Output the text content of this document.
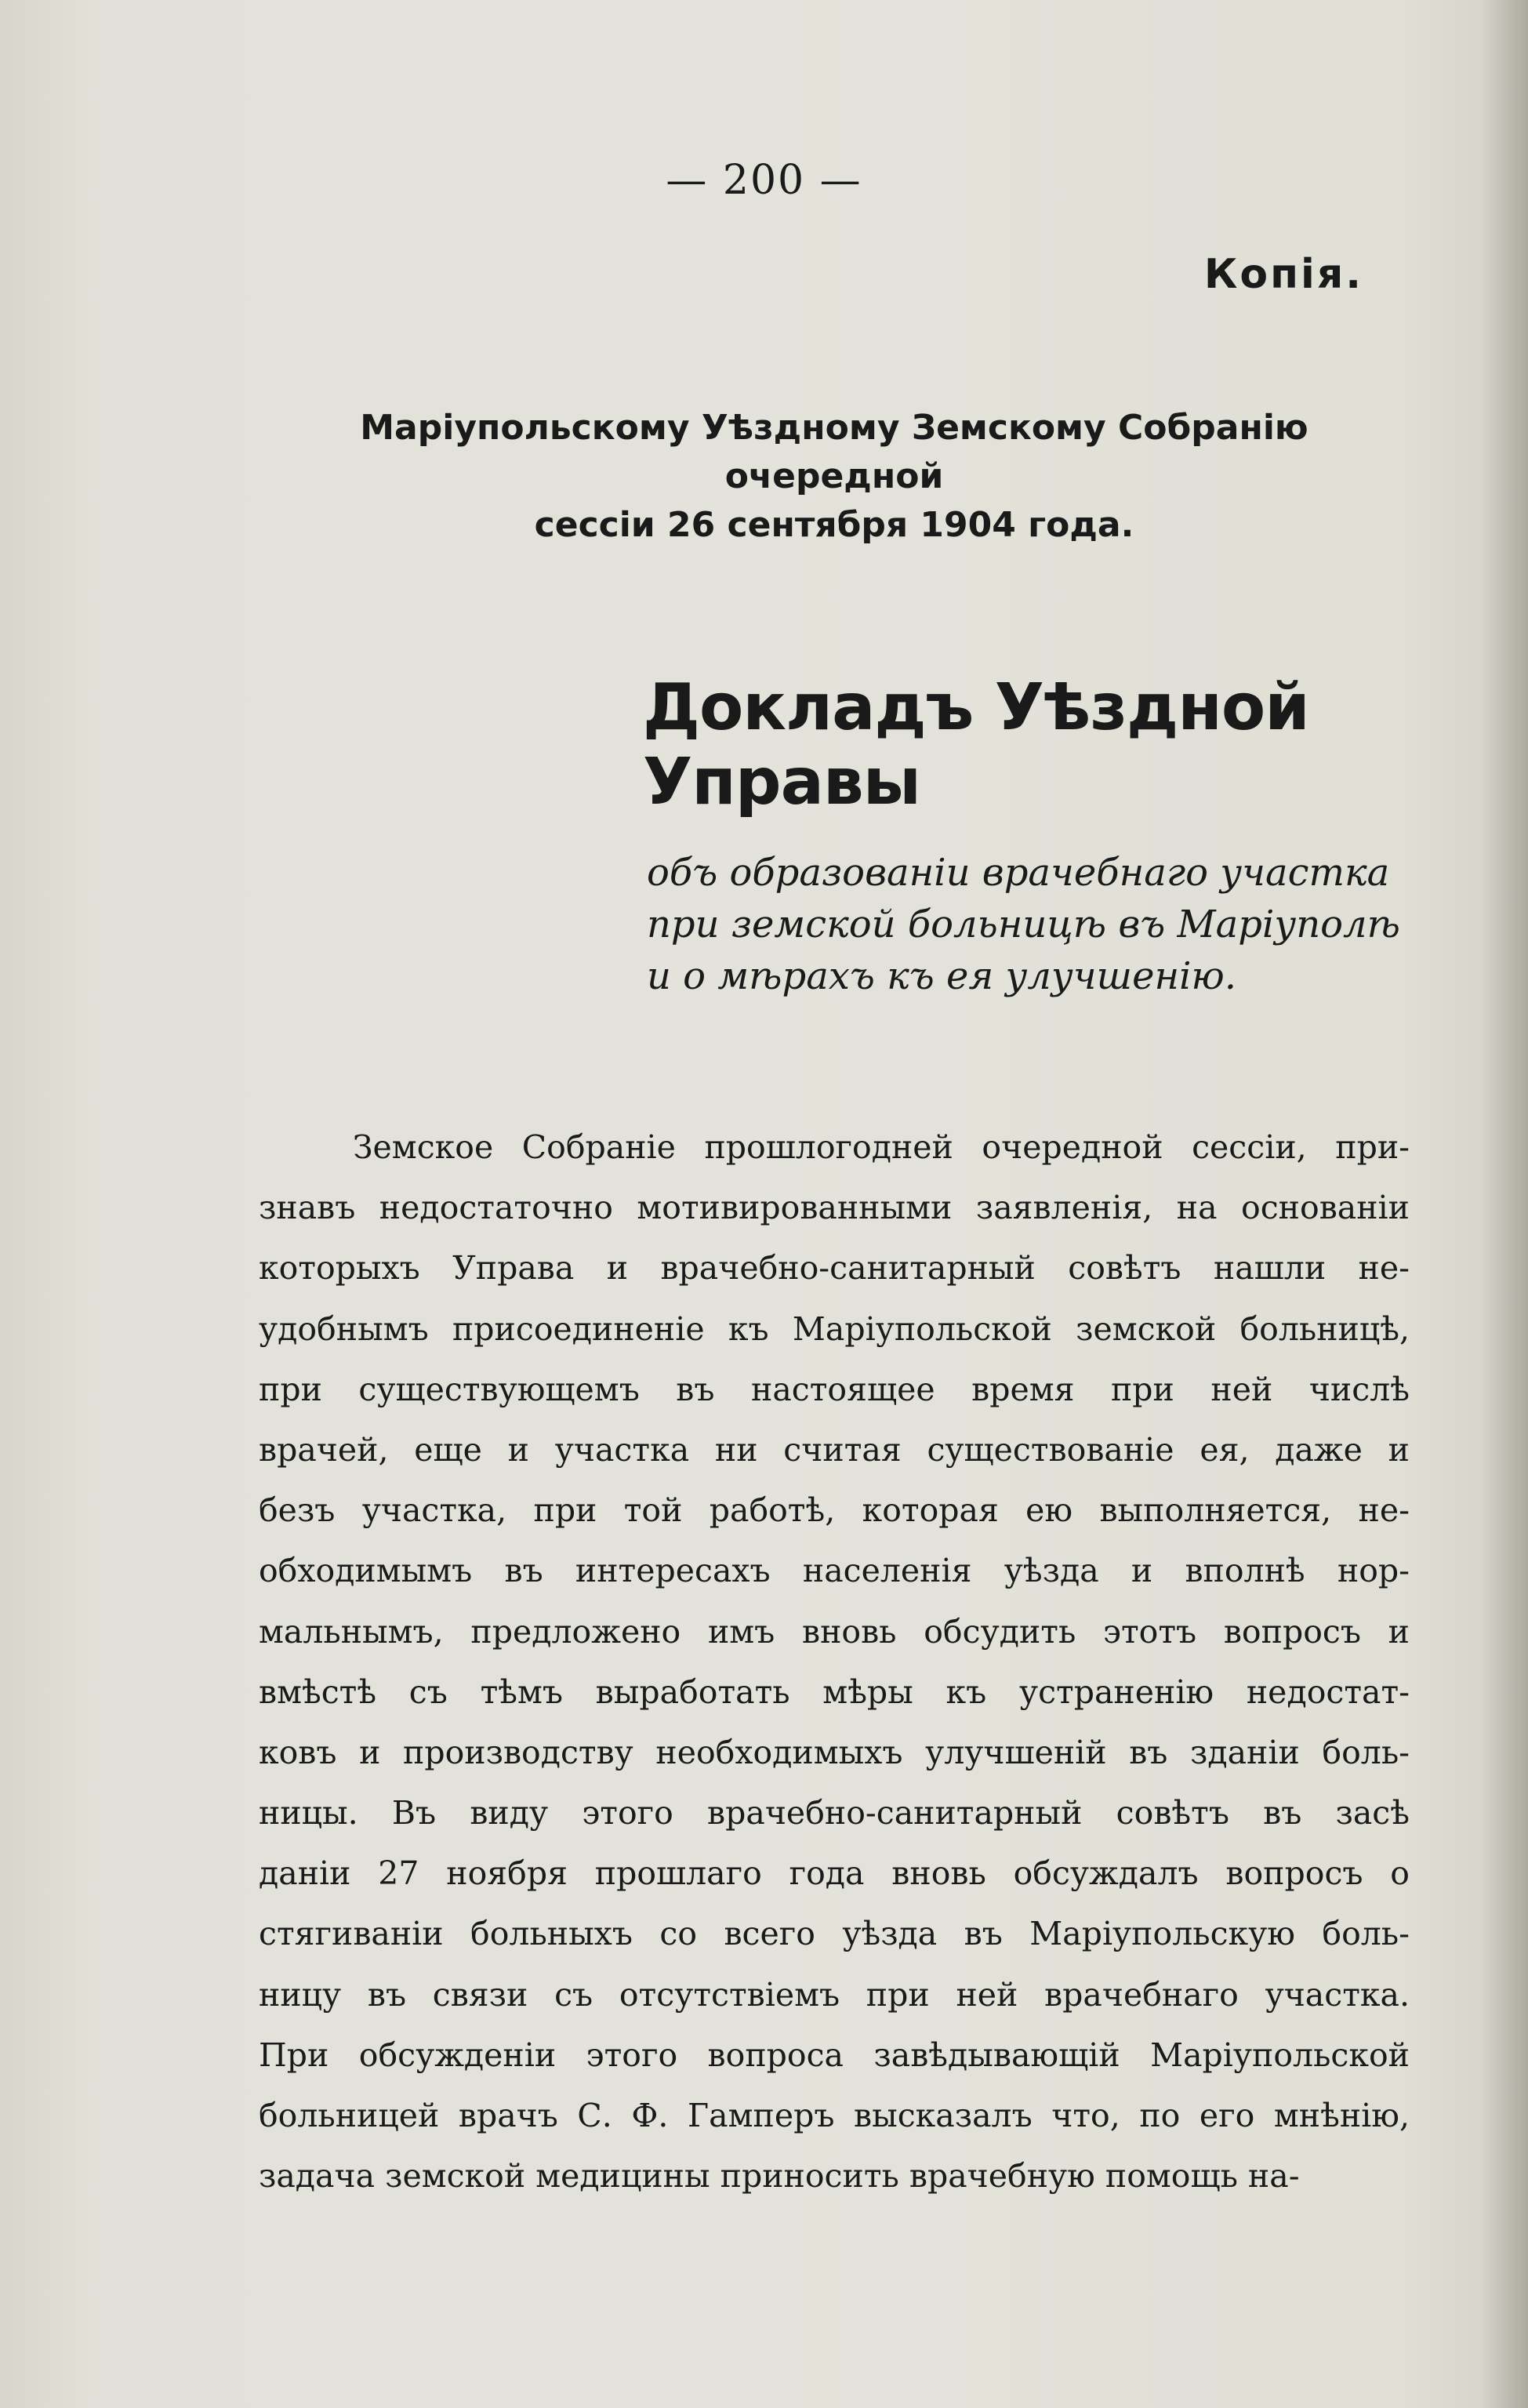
— 200 —
Копія.
Маріупольскому Уѣздному Земскому Собранію очередной
сессіи 26 сентября 1904 года.
Докладъ Уѣздной Управы
объ образованіи врачебнаго участка
при земской больницѣ въ Маріуполѣ
и о мѣрахъ къ ея улучшенію.
Земское Собраніе прошлогодней очередной сессіи, при-
знавъ недостаточно мотивированными заявленія, на основаніи
которыхъ Управа и врачебно-санитарный совѣтъ нашли не-
удобнымъ присоединеніе къ Маріупольской земской больницѣ,
при существующемъ въ настоящее время при ней числѣ
врачей, еще и участка ни считая существованіе ея, даже и
безъ участка, при той работѣ, которая ею выполняется, не-
обходимымъ въ интересахъ населенія уѣзда и вполнѣ нор-
мальнымъ, предложено имъ вновь обсудить этотъ вопросъ и
вмѣстѣ съ тѣмъ выработать мѣры къ устраненію недостат-
ковъ и производству необходимыхъ улучшеній въ зданіи боль-
ницы. Въ виду этого врачебно-санитарный совѣтъ въ засѣ
даніи 27 ноября прошлаго года вновь обсуждалъ вопросъ о
стягиваніи больныхъ со всего уѣзда въ Маріупольскую боль-
ницу въ связи съ отсутствіемъ при ней врачебнаго участка.
При обсужденіи этого вопроса завѣдывающій Маріупольской
больницей врачъ С. Ф. Гамперъ высказалъ что, по его мнѣнію,
задача земской медицины приносить врачебную помощь на-
